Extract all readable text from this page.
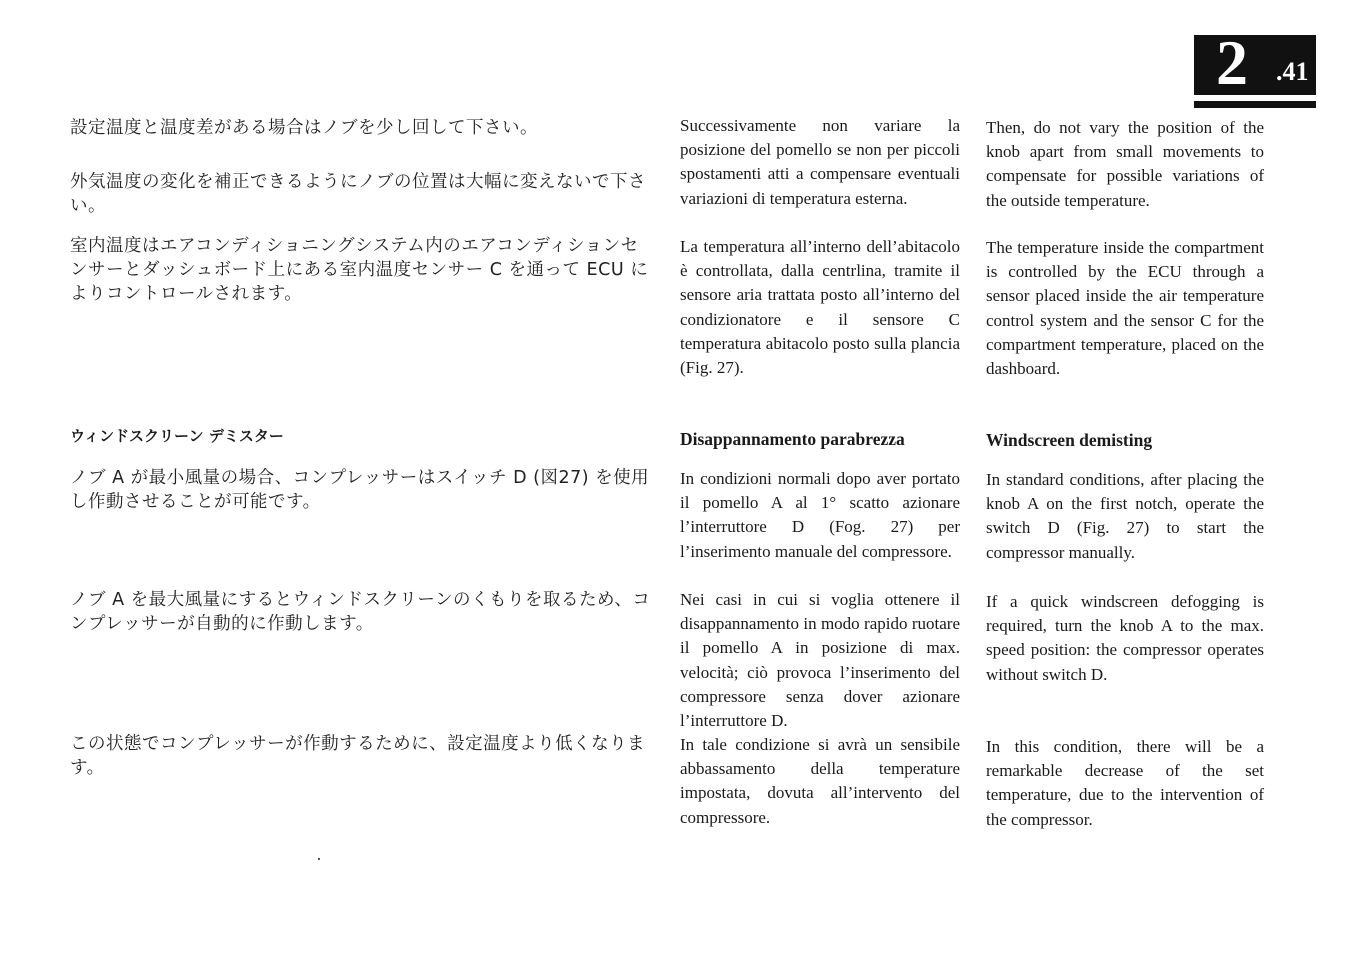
2 .41

設定温度と温度差がある場合はノブを少し回して下さい。

外気温度の変化を補正できるようにノブの位置は大幅に変えないで下さい。

室内温度はエアコンディショニングシステム内のエアコンディションセンサーとダッシュボード上にある室内温度センサー C を通って ECU によりコントロールされます。

ウィンドスクリーン デミスター

ノブ A が最小風量の場合、コンプレッサーはスイッチ D (図27) を使用し作動させることが可能です。

ノブ A を最大風量にするとウィンドスクリーンのくもりを取るため、コンプレッサーが自動的に作動します。

この状態でコンプレッサーが作動するために、設定温度より低くなります。

Successivamente non variare la posizione del pomello se non per piccoli spostamenti atti a compensare eventuali variazioni di temperatura esterna.

La temperatura all’interno dell’abitacolo è controllata, dalla centrlina, tramite il sensore aria trattata posto all’interno del condizionatore e il sensore C temperatura abitacolo posto sulla plancia (Fig. 27).

Disappannamento parabrezza

In condizioni normali dopo aver portato il pomello A al 1° scatto azionare l’interruttore D (Fog. 27) per l’inserimento manuale del compressore.

Nei casi in cui si voglia ottenere il disappannamento in modo rapido ruotare il pomello A in posizione di max. velocità; ciò provoca l’inserimento del compressore senza dover azionare l’interruttore D.

In tale condizione si avrà un sensibile abbassamento della temperature impostata, dovuta all’intervento del compressore.

Then, do not vary the position of the knob apart from small movements to compensate for possible variations of the outside temperature.

The temperature inside the compartment is controlled by the ECU through a sensor placed inside the air temperature control system and the sensor C for the compartment temperature, placed on the dashboard.

Windscreen demisting

In standard conditions, after placing the knob A on the first notch, operate the switch D (Fig. 27) to start the compressor manually.

If a quick windscreen defogging is required, turn the knob A to the max. speed position: the compressor operates without switch D.

In this condition, there will be a remarkable decrease of the set temperature, due to the intervention of the compressor.
